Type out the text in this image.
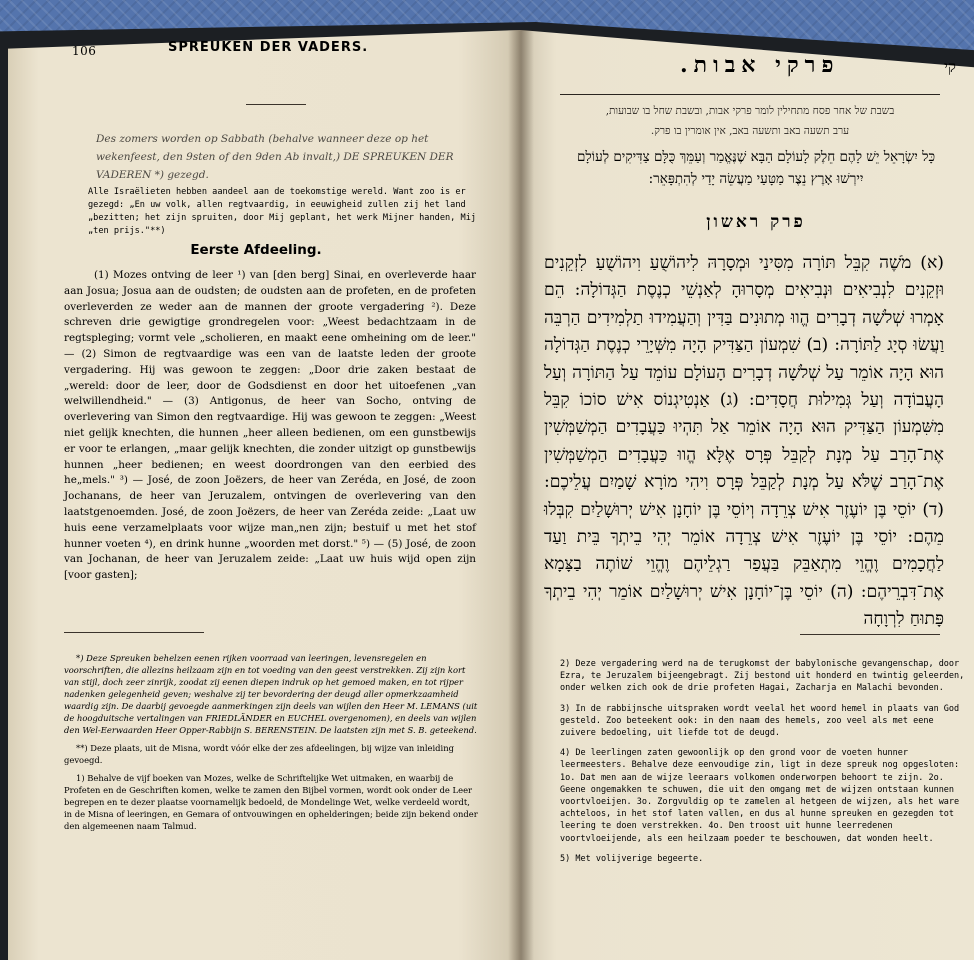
106	SPREUKEN DER VADERS.
Des zomers worden op Sabbath (behalve wanneer deze op het wekenfeest, den 9sten of den 9den Ab invalt,) DE SPREUKEN DER VADEREN *) gezegd.
Alle Israëlieten hebben aandeel aan de toekomstige wereld. Want zoo is er gezegd: „En uw volk, allen regtvaardig, in eeuwigheid zullen zij het land „bezitten; het zijn spruiten, door Mij geplant, het werk Mijner handen, Mij „ten prijs."**)
Eerste Afdeeling.

(1) Mozes ontving de leer ¹) van [den berg] Sinai, en overleverde haar aan Josua; Josua aan de oudsten; de oudsten aan de profeten, en de profeten overleverden ze weder aan de mannen der groote vergadering ²). Deze schreven drie gewigtige grondregelen voor: „Weest bedachtzaam in de regtspleging; vormt vele „scholieren, en maakt eene omheining om de leer." — (2) Simon de regtvaardige was een van de laatste leden der groote vergadering. Hij was gewoon te zeggen: „Door drie zaken bestaat de „wereld: door de leer, door de Godsdienst en door het uitoefenen „van welwillendheid." — (3) Antigonus, de heer van Socho, ontving de overlevering van Simon den regtvaardige. Hij was gewoon te zeggen: „Weest niet gelijk knechten, die hunnen „heer alleen bedienen, om een gunstbewijs er voor te erlangen, „maar gelijk knechten, die zonder uitzigt op gunstbewijs hunnen „heer bedienen; en weest doordrongen van den eerbied des he„mels." ³) — José, de zoon Joëzers, de heer van Zeréda, en José, de zoon Jochanans, de heer van Jeruzalem, ontvingen de overlevering van den laatstgenoemden. José, de zoon Joëzers, de heer van Zeréda zeide: „Laat uw huis eene verzamelplaats voor wijze man„nen zijn; bestuif u met het stof hunner voeten ⁴), en drink hunne „woorden met dorst." ⁵) — (5) José, de zoon van Jochanan, de heer van Jeruzalem zeide: „Laat uw huis wijd open zijn [voor gasten];

*) Deze Spreuken behelzen eenen rijken voorraad van leeringen, levensregelen en voorschriften, die allezins heilzaam zijn en tot voeding van den geest verstrekken. Zij zijn kort van stijl, doch zeer zinrijk, zoodat zij eenen diepen indruk op het gemoed maken, en tot rijper nadenken gelegenheid geven; weshalve zij ter bevordering der deugd aller opmerkzaamheid waardig zijn. De daarbij gevoegde aanmerkingen zijn deels van wijlen den Heer M. LEMANS (uit de hoogduitsche vertalingen van FRIEDLÄNDER en EUCHEL overgenomen), en deels van wijlen den Wel-Eerwaarden Heer Opper-Rabbijn S. BERENSTEIN. De laatsten zijn met S. B. geteekend.

**) Deze plaats, uit de Misna, wordt vóór elke der zes afdeelingen, bij wijze van inleiding gevoegd.

1) Behalve de vijf boeken van Mozes, welke de Schriftelijke Wet uitmaken, en waarbij de Profeten en de Geschriften komen, welke te zamen den Bijbel vormen, wordt ook onder de Leer begrepen en te dezer plaatse voornamelijk bedoeld, de Mondelinge Wet, welke verdeeld wordt, in de Misna of leeringen, en Gemara of ontvouwingen en ophelderingen; beide zijn bekend onder den algemeenen naam Talmud.

פרקי אבות.	קי
בשבת של אחר פסח מתחילין לומר פרקי אבות, ובשבת שחל בו שבועות,
ערב תשעה באב ותשעה באב, אין אומרין בו פרק.
כָּל יִשְׂרָאֵל יֵשׁ לָהֶם חֵלֶק לָעוֹלָם הַבָּא שֶׁנֶּאֱמַר וְעַמֵּךְ כֻּלָּם צַדִּיקִים לְעוֹלָם יִירְשׁוּ אָרֶץ נֵצֶר מַטָּעַי מַעֲשֵׂה יָדַי לְהִתְפָּאֵר:
פרק ראשון
(א) מֹשֶׁה קִבֵּל תּוֹרָה מִסִּינַי וּמְסָרָהּ לִיהוֹשֻׁעַ וִיהוֹשֻׁעַ לִזְקֵנִים וּזְקֵנִים לִנְבִיאִים וּנְבִיאִים מְסָרוּהָ לְאַנְשֵׁי כְנֶסֶת הַגְּדוֹלָה: הֵם אָמְרוּ שְׁלשָׁה דְבָרִים הֱווּ מְתוּנִים בַּדִּין וְהַעֲמִידוּ תַלְמִידִים הַרְבֵּה וַעֲשׂוּ סְיָג לַתּוֹרָה: (ב) שִׁמְעוֹן הַצַּדִּיק הָיָה מִשְּׁיָרֵי כְנֶסֶת הַגְּדוֹלָה הוּא הָיָה אוֹמֵר עַל שְׁלשָׁה דְבָרִים הָעוֹלָם עוֹמֵד עַל הַתּוֹרָה וְעַל הָעֲבוֹדָה וְעַל גְּמִילוּת חֲסָדִים: (ג) אַנְטִיגְנוֹס אִישׁ סוֹכוֹ קִבֵּל מִשִּׁמְעוֹן הַצַּדִּיק הוּא הָיָה אוֹמֵר אַל תִּהְיוּ כַּעֲבָדִים הַמְשַׁמְּשִׁין אֶת־הָרַב עַל מְנָת לְקַבֵּל פְּרָס אֶלָּא הֱווּ כַּעֲבָדִים הַמְשַׁמְּשִׁין אֶת־הָרַב שֶׁלֹּא עַל מְנָת לְקַבֵּל פְּרָס וִיהִי מוֹרָא שָׁמַיִם עֲלֵיכֶם: (ד) יוֹסֵי בֶּן יוֹעֶזֶר אִישׁ צְרֵדָה וְיוֹסֵי בֶּן יוֹחָנָן אִישׁ יְרוּשָׁלַיִם קִבְּלוּ מֵהֶם: יוֹסֵי בֶּן יוֹעֶזֶר אִישׁ צְרֵדָה אוֹמֵר יְהִי בֵיתְךָ בֵּית וַעַד לַחֲכָמִים וֶהֱוֵי מִתְאַבֵּק בַּעֲפַר רַגְלֵיהֶם וֶהֱוֵי שׁוֹתֶה בַצָּמָא אֶת־דִּבְרֵיהֶם: (ה) יוֹסֵי בֶּן־יוֹחָנָן אִישׁ יְרוּשָׁלַיִם אוֹמֵר יְהִי בֵיתְךָ פָּתוּחַ לִרְוָחָה

2) Deze vergadering werd na de terugkomst der babylonische gevangenschap, door Ezra, te Jeruzalem bijeengebragt. Zij bestond uit honderd en twintig geleerden, onder welken zich ook de drie profeten Hagai, Zacharja en Malachi bevonden.

3) In de rabbijnsche uitspraken wordt veelal het woord hemel in plaats van God gesteld. Zoo beteekent ook: in den naam des hemels, zoo veel als met eene zuivere bedoeling, uit liefde tot de deugd.

4) De leerlingen zaten gewoonlijk op den grond voor de voeten hunner leermeesters. Behalve deze eenvoudige zin, ligt in deze spreuk nog opgesloten: 1o. Dat men aan de wijze leeraars volkomen onderworpen behoort te zijn. 2o. Geene ongemakken te schuwen, die uit den omgang met de wijzen ontstaan kunnen voortvloeijen. 3o. Zorgvuldig op te zamelen al hetgeen de wijzen, als het ware achteloos, in het stof laten vallen, en dus al hunne spreuken en gezegden tot leering te doen verstrekken. 4o. Den troost uit hunne leerredenen voortvloeijende, als een heilzaam poeder te beschouwen, dat wonden heelt.

5) Met volijverige begeerte.
